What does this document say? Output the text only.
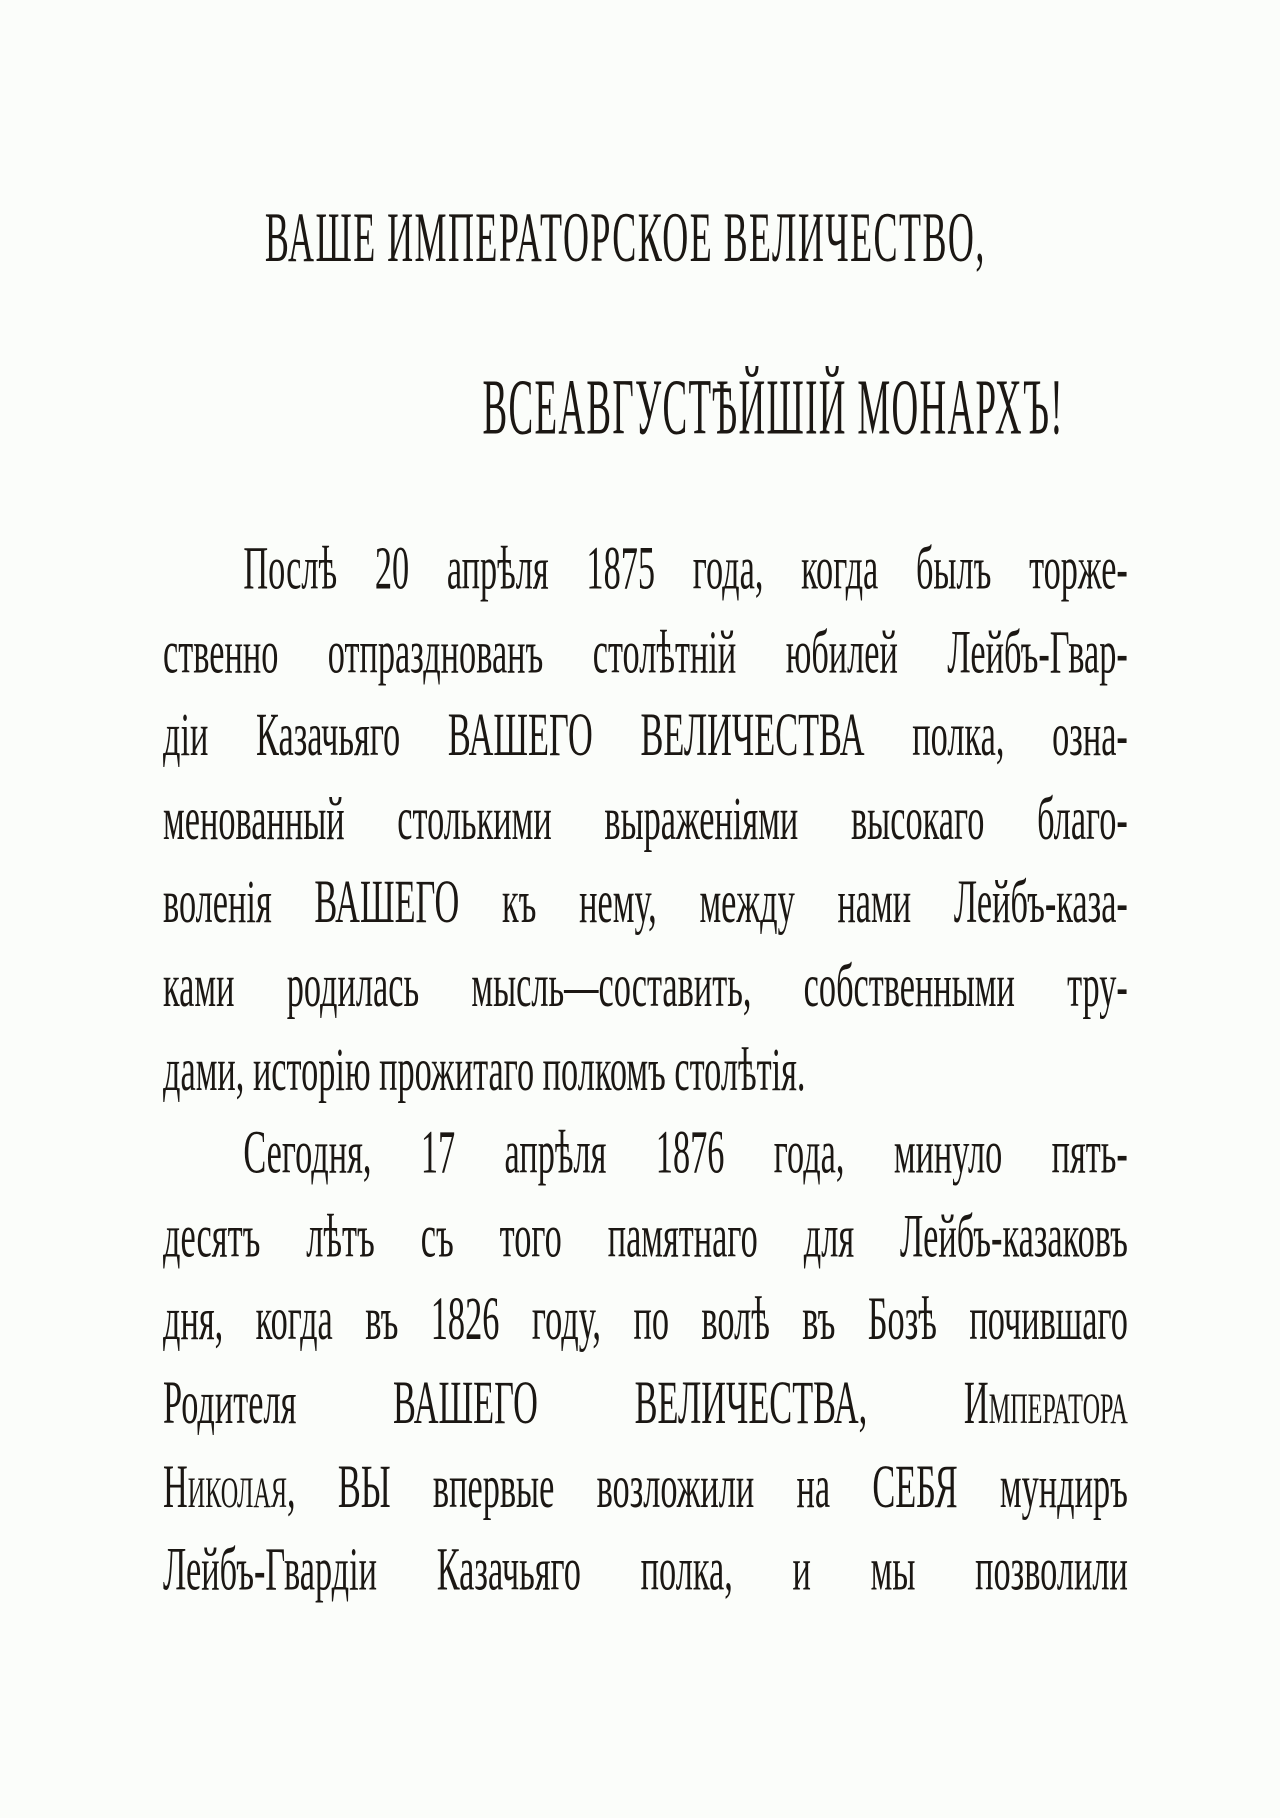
ВАШЕ ИМПЕРАТОРСКОЕ ВЕЛИЧЕСТВО,
ВСЕАВГУСТѢЙШІЙ МОНАРХЪ!
Послѣ 20 апрѣля 1875 года, когда былъ торже-
ственно отпразднованъ столѣтній юбилей Лейбъ-Гвар-
діи Казачьяго ВАШЕГО ВЕЛИЧЕСТВА полка, озна-
менованный столькими выраженіями высокаго благо-
воленія ВАШЕГО къ нему, между нами Лейбъ-каза-
ками родилась мысль—составить, собственными тру-
дами, исторію прожитаго полкомъ столѣтія.
Сегодня, 17 апрѣля 1876 года, минуло пять-
десятъ лѣтъ съ того памятнаго для Лейбъ-казаковъ
дня, когда въ 1826 году, по волѣ въ Бозѣ почившаго
Родителя ВАШЕГО ВЕЛИЧЕСТВА, Императора
Николая, ВЫ впервые возложили на СЕБЯ мундиръ
Лейбъ-Гвардіи Казачьяго полка, и мы позволили
